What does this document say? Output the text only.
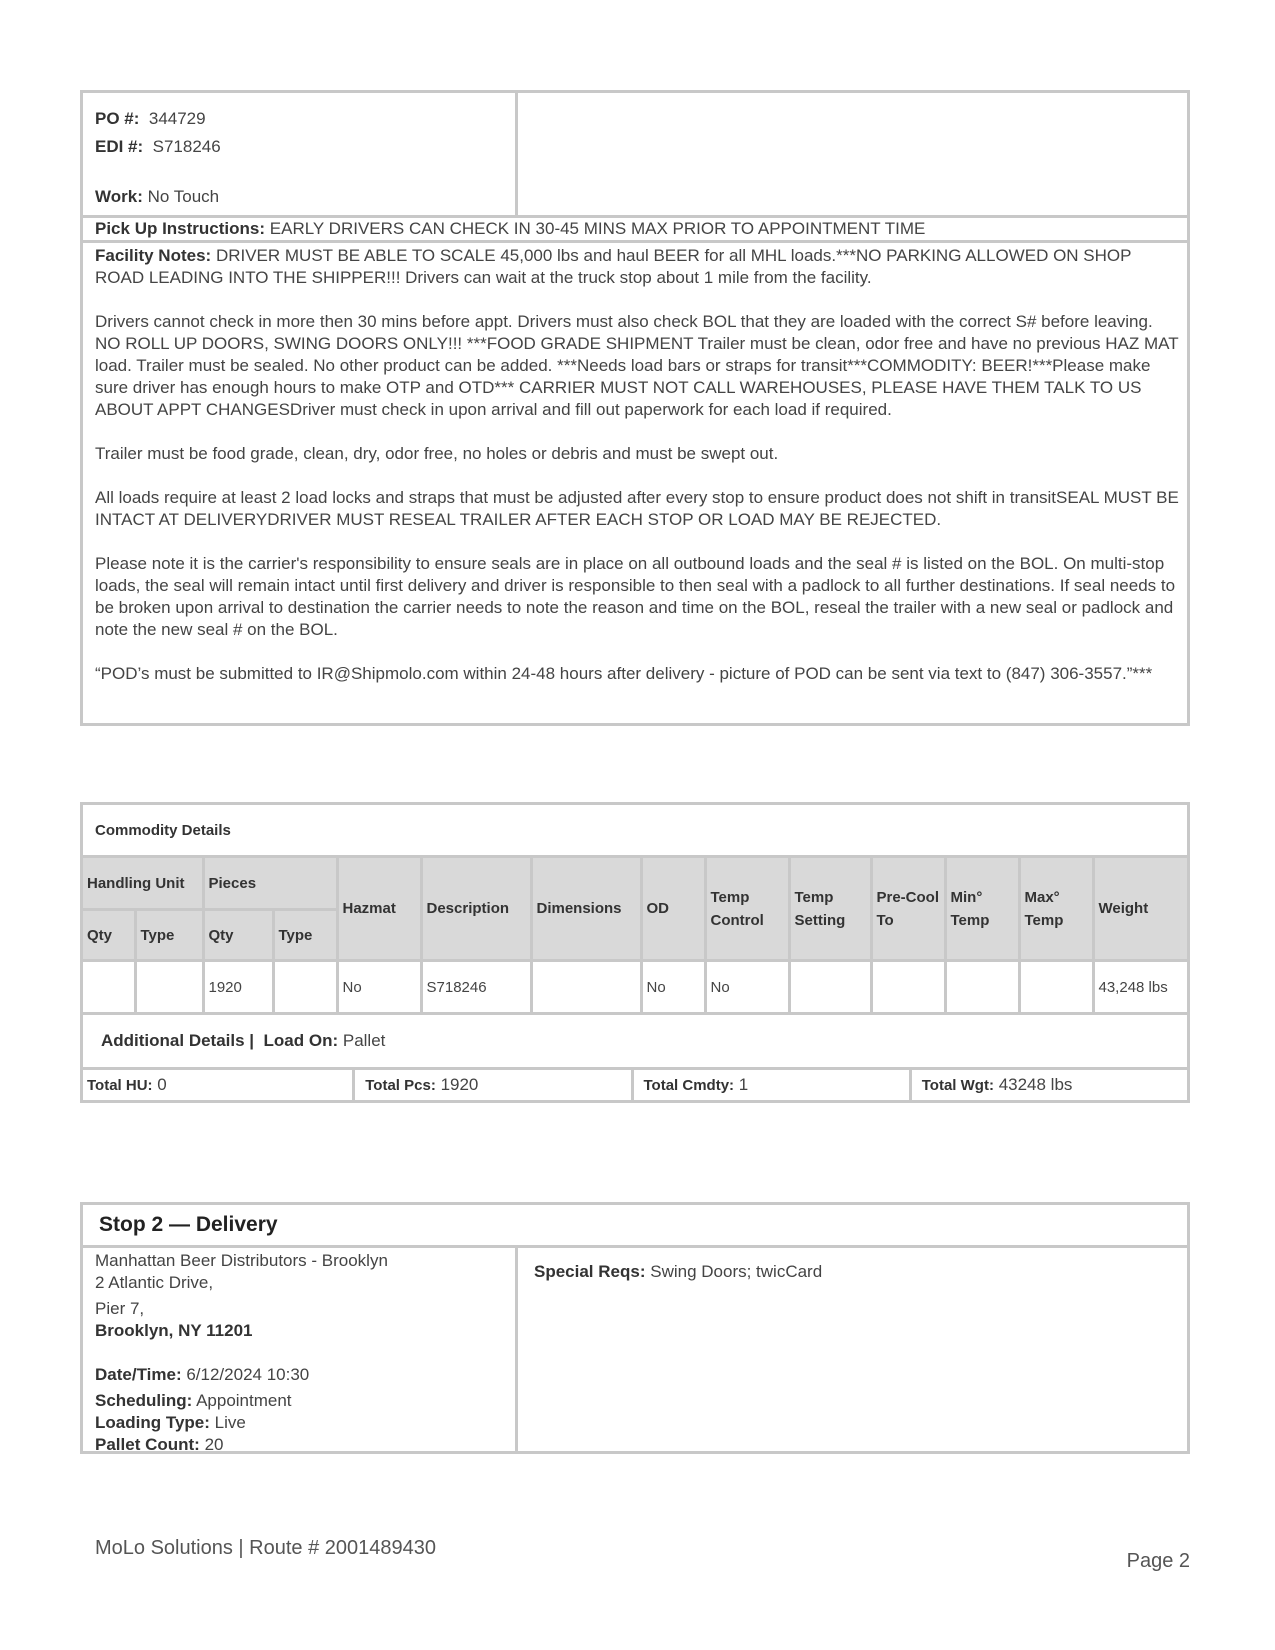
PO #: 344729

EDI #: S718246

Work: No Touch

Pick Up Instructions: EARLY DRIVERS CAN CHECK IN 30-45 MINS MAX PRIOR TO APPOINTMENT TIME

Facility Notes: DRIVER MUST BE ABLE TO SCALE 45,000 lbs and haul BEER for all MHL loads.***NO PARKING ALLOWED ON SHOP ROAD LEADING INTO THE SHIPPER!!! Drivers can wait at the truck stop about 1 mile from the facility.

Drivers cannot check in more then 30 mins before appt. Drivers must also check BOL that they are loaded with the correct S# before leaving. NO ROLL UP DOORS, SWING DOORS ONLY!!! ***FOOD GRADE SHIPMENT Trailer must be clean, odor free and have no previous HAZ MAT load. Trailer must be sealed. No other product can be added. ***Needs load bars or straps for transit***COMMODITY: BEER!***Please make sure driver has enough hours to make OTP and OTD*** CARRIER MUST NOT CALL WAREHOUSES, PLEASE HAVE THEM TALK TO US ABOUT APPT CHANGESDriver must check in upon arrival and fill out paperwork for each load if required.

Trailer must be food grade, clean, dry, odor free, no holes or debris and must be swept out.

All loads require at least 2 load locks and straps that must be adjusted after every stop to ensure product does not shift in transitSEAL MUST BE INTACT AT DELIVERYDRIVER MUST RESEAL TRAILER AFTER EACH STOP OR LOAD MAY BE REJECTED.

Please note it is the carrier's responsibility to ensure seals are in place on all outbound loads and the seal # is listed on the BOL. On multi-stop loads, the seal will remain intact until first delivery and driver is responsible to then seal with a padlock to all further destinations. If seal needs to be broken upon arrival to destination the carrier needs to note the reason and time on the BOL, reseal the trailer with a new seal or padlock and note the new seal # on the BOL.

“POD’s must be submitted to IR@Shipmolo.com within 24-48 hours after delivery - picture of POD can be sent via text to (847) 306-3557.”***

Commodity Details													
Handling Unit		Pieces		Hazmat	Description	Dimensions	OD	Temp Control	Temp Setting	Pre-Cool To	Min° Temp	Max° Temp	Weight
Qty	Type	Qty	Type										
		1920		No	S718246		No	No					43,248 lbs
Additional Details | Load On: Pallet													
Total HU: 0	Total Pcs: 1920	Total Cmdty: 1	Total Wgt: 43248 lbs
Stop 2 — Delivery

Manhattan Beer Distributors - Brooklyn

2 Atlantic Drive,

Pier 7,

Brooklyn, NY 11201

Date/Time: 6/12/2024 10:30

Scheduling: Appointment

Loading Type: Live

Pallet Count: 20

Special Reqs: Swing Doors; twicCard
MoLo Solutions | Route # 2001489430
Page 2
